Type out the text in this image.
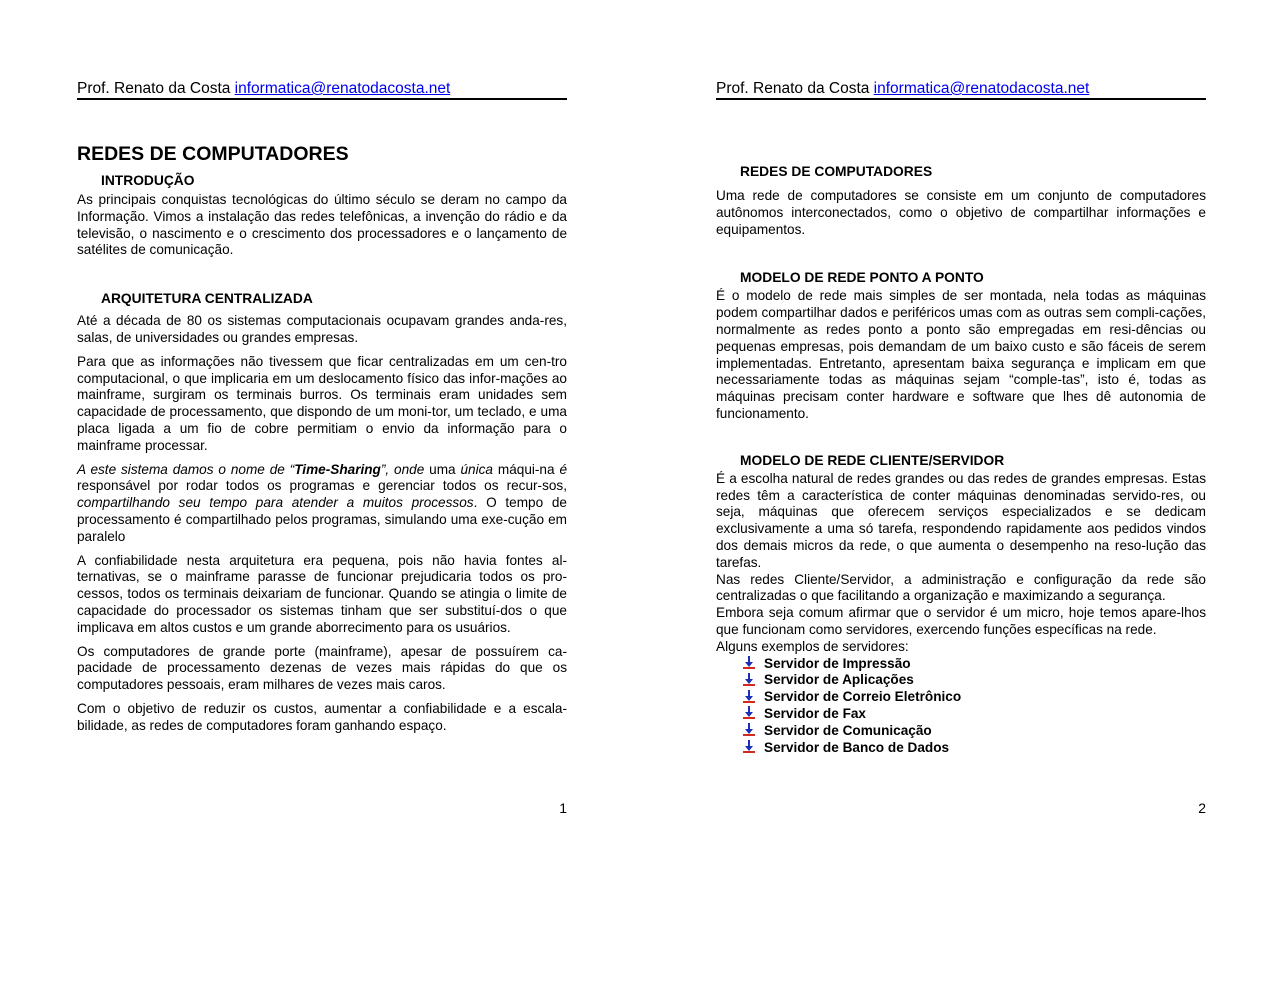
Prof. Renato da Costa informatica@renatodacosta.net
REDES DE COMPUTADORES
INTRODUÇÃO

As principais conquistas tecnológicas do último século se deram no campo da Informação. Vimos a instalação das redes telefônicas, a invenção do rádio e da televisão, o nascimento e o crescimento dos processadores e o lançamento de satélites de comunicação.

ARQUITETURA CENTRALIZADA

Até a década de 80 os sistemas computacionais ocupavam grandes anda-res, salas, de universidades ou grandes empresas.

Para que as informações não tivessem que ficar centralizadas em um cen-tro computacional, o que implicaria em um deslocamento físico das infor-mações ao mainframe, surgiram os terminais burros. Os terminais eram unidades sem capacidade de processamento, que dispondo de um moni-tor, um teclado, e uma placa ligada a um fio de cobre permitiam o envio da informação para o mainframe processar.

A este sistema damos o nome de “Time-Sharing”, onde uma única máqui-na é responsável por rodar todos os programas e gerenciar todos os recur-sos, compartilhando seu tempo para atender a muitos processos. O tempo de processamento é compartilhado pelos programas, simulando uma exe-cução em paralelo

A confiabilidade nesta arquitetura era pequena, pois não havia fontes al-ternativas, se o mainframe parasse de funcionar prejudicaria todos os pro-cessos, todos os terminais deixariam de funcionar. Quando se atingia o limite de capacidade do processador os sistemas tinham que ser substituí-dos o que implicava em altos custos e um grande aborrecimento para os usuários.

Os computadores de grande porte (mainframe), apesar de possuírem ca-pacidade de processamento dezenas de vezes mais rápidas do que os computadores pessoais, eram milhares de vezes mais caros.

Com o objetivo de reduzir os custos, aumentar a confiabilidade e a escala-bilidade, as redes de computadores foram ganhando espaço.

1
Prof. Renato da Costa informatica@renatodacosta.net
REDES DE COMPUTADORES

Uma rede de computadores se consiste em um conjunto de computadores autônomos interconectados, como o objetivo de compartilhar informações e equipamentos.

MODELO DE REDE PONTO A PONTO

É o modelo de rede mais simples de ser montada, nela todas as máquinas podem compartilhar dados e periféricos umas com as outras sem compli-cações, normalmente as redes ponto a ponto são empregadas em resi-dências ou pequenas empresas, pois demandam de um baixo custo e são fáceis de serem implementadas. Entretanto, apresentam baixa segurança e implicam em que necessariamente todas as máquinas sejam “comple-tas”, isto é, todas as máquinas precisam conter hardware e software que lhes dê autonomia de funcionamento.

MODELO DE REDE CLIENTE/SERVIDOR

É a escolha natural de redes grandes ou das redes de grandes empresas. Estas redes têm a característica de conter máquinas denominadas servido-res, ou seja, máquinas que oferecem serviços especializados e se dedicam exclusivamente a uma só tarefa, respondendo rapidamente aos pedidos vindos dos demais micros da rede, o que aumenta o desempenho na reso-lução das tarefas.

Nas redes Cliente/Servidor, a administração e configuração da rede são centralizadas o que facilitando a organização e maximizando a segurança.

Embora seja comum afirmar que o servidor é um micro, hoje temos apare-lhos que funcionam como servidores, exercendo funções específicas na rede.

Alguns exemplos de servidores:

Servidor de Impressão
Servidor de Aplicações
Servidor de Correio Eletrônico
Servidor de Fax
Servidor de Comunicação
Servidor de Banco de Dados
2
